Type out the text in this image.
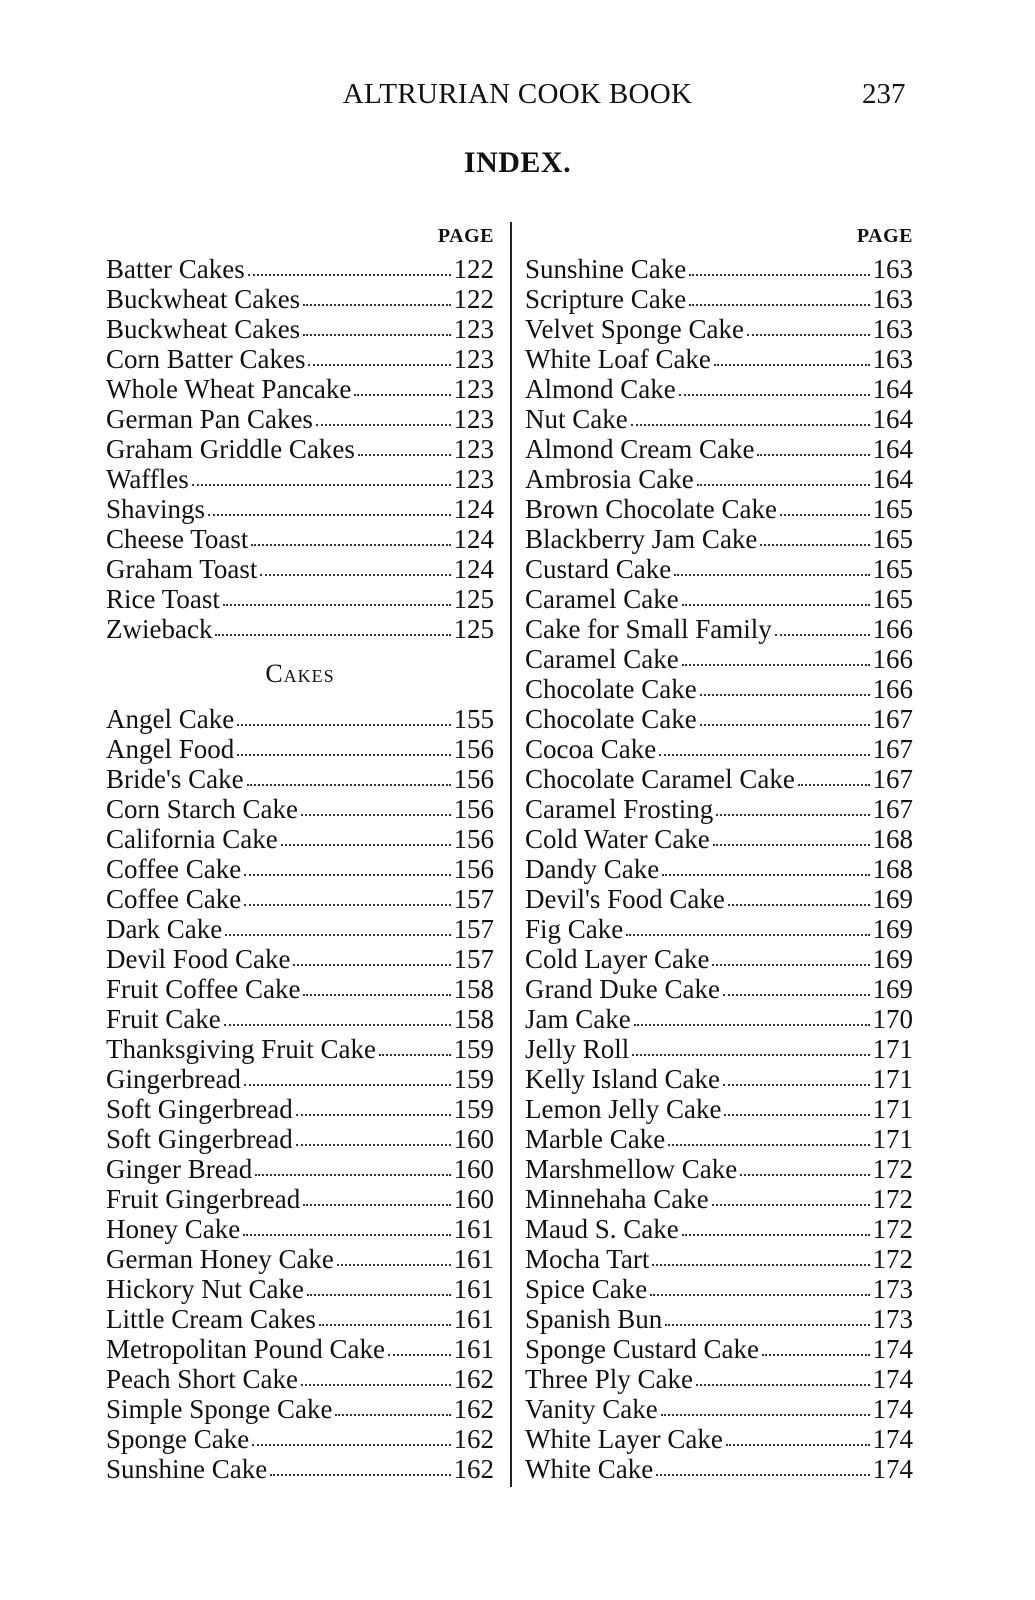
ALTRURIAN COOK BOOK	237
INDEX.
PAGE
Batter Cakes	122
Buckwheat Cakes	122
Buckwheat Cakes	123
Corn Batter Cakes	123
Whole Wheat Pancake	123
German Pan Cakes	123
Graham Griddle Cakes	123
Waffles	123
Shavings	124
Cheese Toast	124
Graham Toast	124
Rice Toast	125
Zwieback	125
Cakes
Angel Cake	155
Angel Food	156
Bride's Cake	156
Corn Starch Cake	156
California Cake	156
Coffee Cake	156
Coffee Cake	157
Dark Cake	157
Devil Food Cake	157
Fruit Coffee Cake	158
Fruit Cake	158
Thanksgiving Fruit Cake	159
Gingerbread	159
Soft Gingerbread	159
Soft Gingerbread	160
Ginger Bread	160
Fruit Gingerbread	160
Honey Cake	161
German Honey Cake	161
Hickory Nut Cake	161
Little Cream Cakes	161
Metropolitan Pound Cake	161
Peach Short Cake	162
Simple Sponge Cake	162
Sponge Cake	162
Sunshine Cake	162
PAGE
Sunshine Cake	163
Scripture Cake	163
Velvet Sponge Cake	163
White Loaf Cake	163
Almond Cake	164
Nut Cake	164
Almond Cream Cake	164
Ambrosia Cake	164
Brown Chocolate Cake	165
Blackberry Jam Cake	165
Custard Cake	165
Caramel Cake	165
Cake for Small Family	166
Caramel Cake	166
Chocolate Cake	166
Chocolate Cake	167
Cocoa Cake	167
Chocolate Caramel Cake	167
Caramel Frosting	167
Cold Water Cake	168
Dandy Cake	168
Devil's Food Cake	169
Fig Cake	169
Cold Layer Cake	169
Grand Duke Cake	169
Jam Cake	170
Jelly Roll	171
Kelly Island Cake	171
Lemon Jelly Cake	171
Marble Cake	171
Marshmellow Cake	172
Minnehaha Cake	172
Maud S. Cake	172
Mocha Tart	172
Spice Cake	173
Spanish Bun	173
Sponge Custard Cake	174
Three Ply Cake	174
Vanity Cake	174
White Layer Cake	174
White Cake	174
